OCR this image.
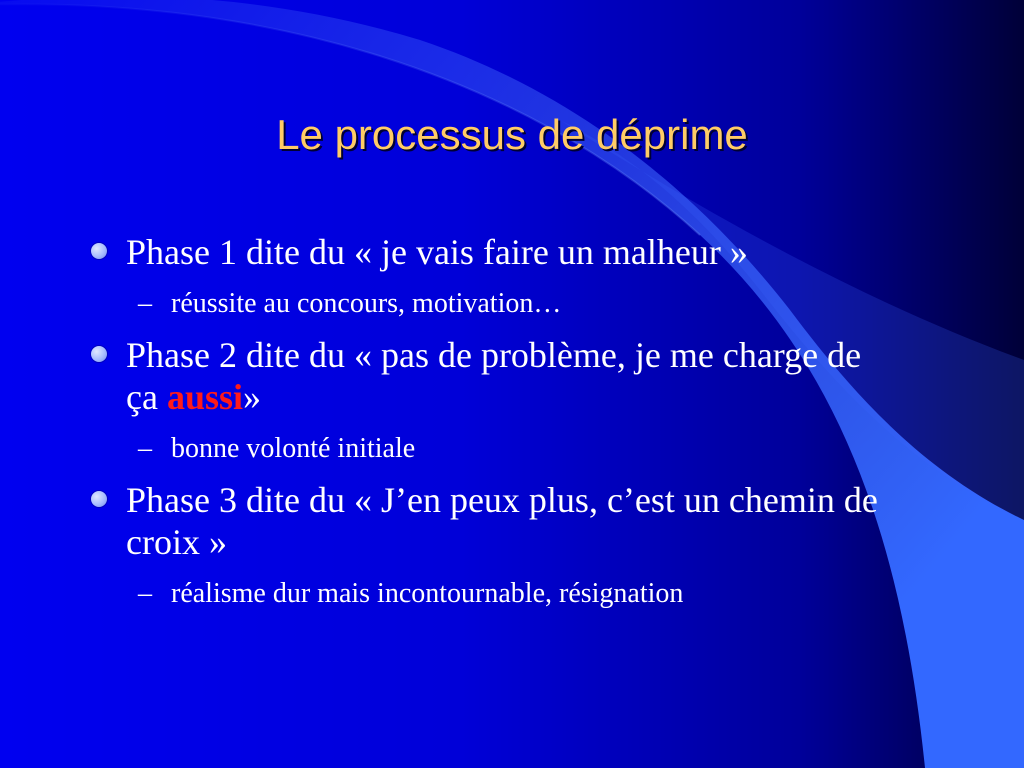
Le processus de déprime
Phase 1 dite du « je vais faire un malheur »
– réussite au concours, motivation…
Phase 2 dite du « pas de problème, je me charge de ça aussi»
– bonne volonté initiale
Phase 3 dite du « J’en peux plus, c’est un chemin de croix »
– réalisme dur mais incontournable, résignation
